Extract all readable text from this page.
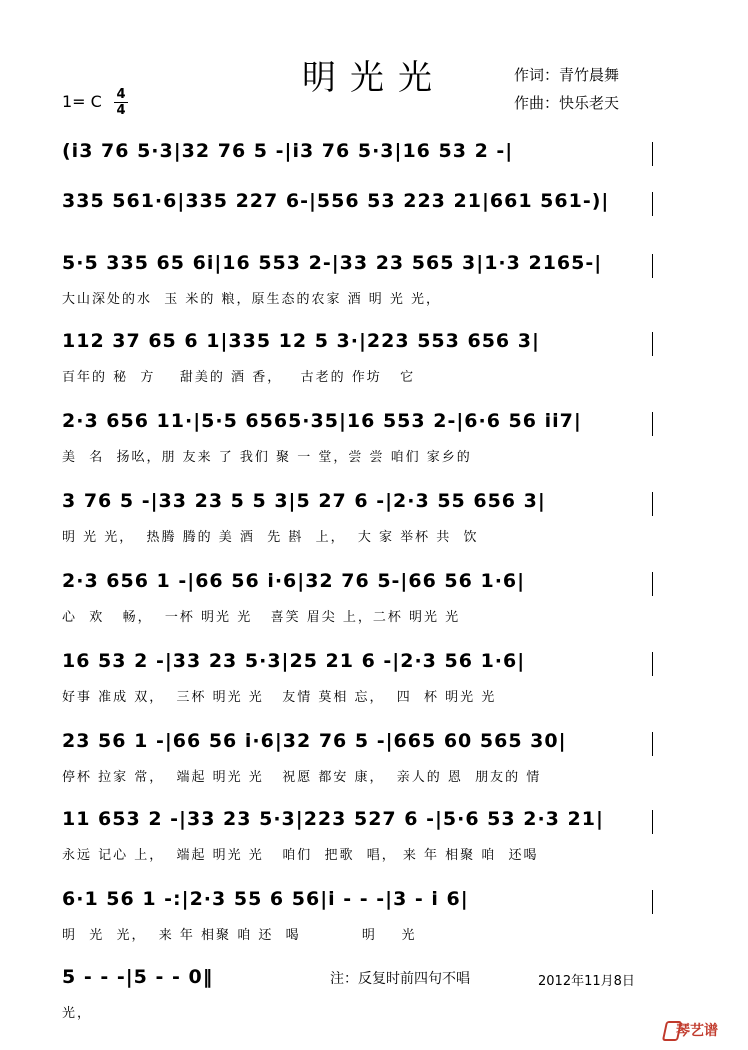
明光光	作词：青竹晨舞
作曲：快乐老天
1= C 4
4
(i3 76 5·3|32 76 5 -|i3 76 5·3|16 53 2 -|
335 561·6|335 227 6-|556 53 223 21|661 561-)|
5·5 335 65 6i|16 553 2-|33 23 565 3|1·3 2165-|
大山深处的水  玉 米的 粮，原生态的农家 酒 明 光 光，
112 37 65 6 1|335 12 5 3·|223 553 656 3|
百年的 秘  方    甜美的 酒 香，   古老的 作坊   它
2·3 656 11·|5·5 6565·35|16 553 2-|6·6 56 ii7|
美  名  扬吆，朋 友来 了 我们 聚 一 堂，尝 尝 咱们 家乡的
3 76 5 -|33 23 5 5 3|5 27 6 -|2·3 55 656 3|
明 光 光，  热腾 腾的 美 酒  先 斟  上，  大 家 举杯 共  饮
2·3 656 1 -|66 56 i·6|32 76 5-|66 56 1·6|
心  欢   畅，  一杯 明光 光   喜笑 眉尖 上，二杯 明光 光
16 53 2 -|33 23 5·3|25 21 6 -|2·3 56 1·6|
好事 准成 双，  三杯 明光 光   友情 莫相 忘，  四  杯 明光 光
23 56 1 -|66 56 i·6|32 76 5 -|665 60 565 30|
停杯 拉家 常，  端起 明光 光   祝愿 都安 康，  亲人的 恩  朋友的 情
11 653 2 -|33 23 5·3|223 527 6 -|5·6 53 2·3 21|
永远 记心 上，  端起 明光 光   咱们  把歌  唱， 来 年 相聚 咱  还喝
6·1 56 1 -:|2·3 55 6 56|i - - -|3 - i 6|
明  光  光，  来 年 相聚 咱 还  喝          明    光
5 - - -|5 - - 0‖
光，
注：反复时前四句不唱	2012年11月8日
琴艺谱
